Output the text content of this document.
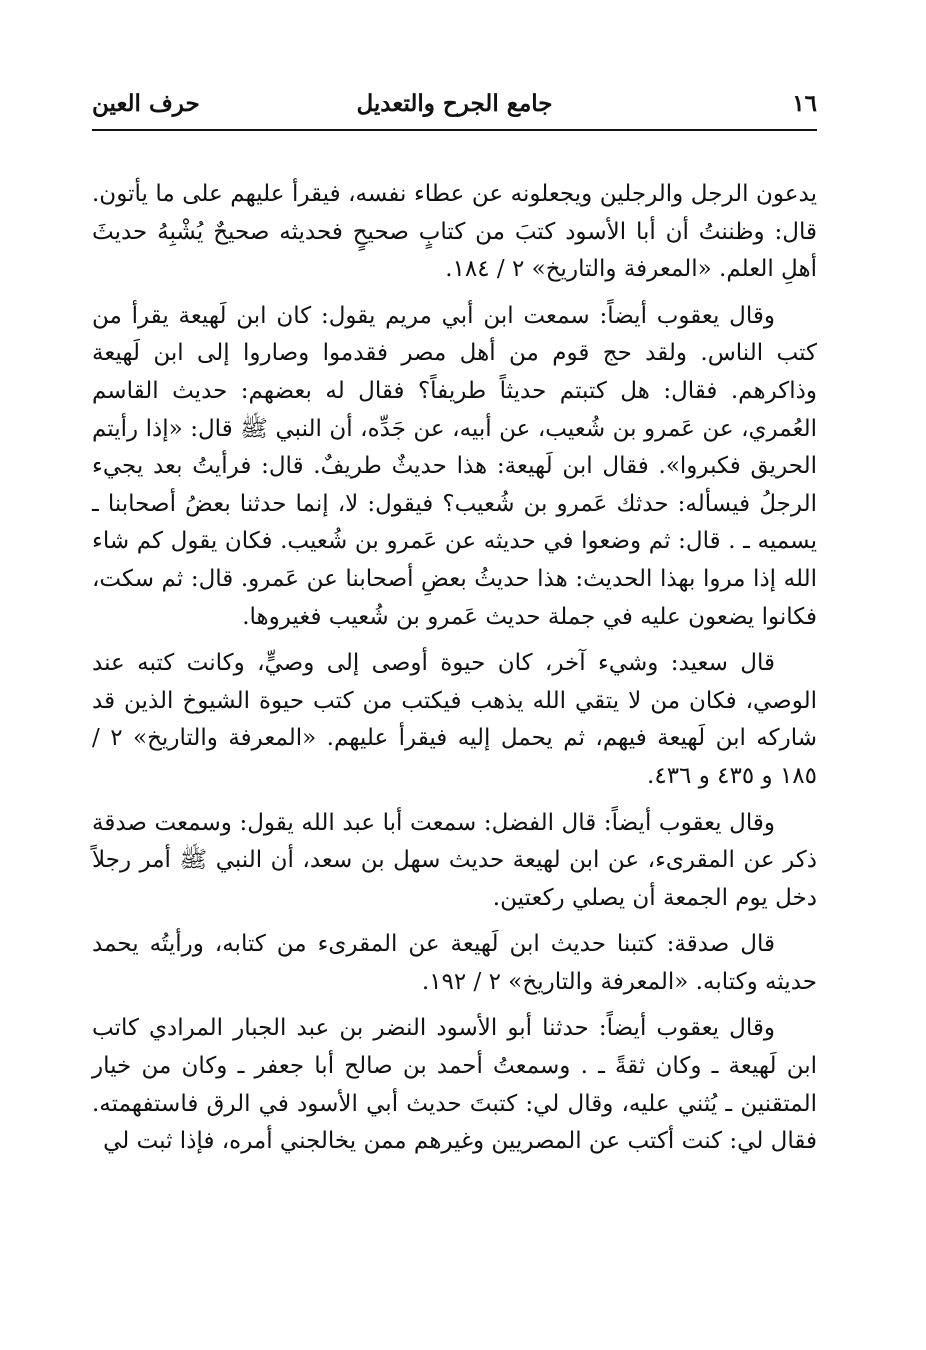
١٦
جامع الجرح والتعديل
حرف العين

يدعون الرجل والرجلين ويجعلونه عن عطاء نفسه، فيقرأ عليهم على ما يأتون. قال: وظننتُ أن أبا الأسود كتبَ من كتابٍ صحيحٍ فحديثه صحيحٌ يُشْبِهُ حديثَ أهلِ العلم. «المعرفة والتاريخ» ٢ / ١٨٤.

وقال يعقوب أيضاً: سمعت ابن أبي مريم يقول: كان ابن لَهيعة يقرأ من كتب الناس. ولقد حج قوم من أهل مصر فقدموا وصاروا إلى ابن لَهيعة وذاكرهم. فقال: هل كتبتم حديثاً طريفاً؟ فقال له بعضهم: حديث القاسم العُمري، عن عَمرو بن شُعيب، عن أبيه، عن جَدِّه، أن النبي ﷺ قال: «إذا رأيتم الحريق فكبروا». فقال ابن لَهيعة: هذا حديثٌ طريفٌ. قال: فرأيتُ بعد يجيء الرجلُ فيسأله: حدثك عَمرو بن شُعيب؟ فيقول: لا، إنما حدثنا بعضُ أصحابنا ـ يسميه ـ . قال: ثم وضعوا في حديثه عن عَمرو بن شُعيب. فكان يقول كم شاء الله إذا مروا بهذا الحديث: هذا حديثُ بعضِ أصحابنا عن عَمرو. قال: ثم سكت، فكانوا يضعون عليه في جملة حديث عَمرو بن شُعيب فغيروها.

قال سعيد: وشيء آخر، كان حيوة أوصى إلى وصيٍّ، وكانت كتبه عند الوصي، فكان من لا يتقي الله يذهب فيكتب من كتب حيوة الشيوخ الذين قد شاركه ابن لَهيعة فيهم، ثم يحمل إليه فيقرأ عليهم. «المعرفة والتاريخ» ٢ / ١٨٥ و ٤٣٥ و ٤٣٦.

وقال يعقوب أيضاً: قال الفضل: سمعت أبا عبد الله يقول: وسمعت صدقة ذكر عن المقرىء، عن ابن لهيعة حديث سهل بن سعد، أن النبي ﷺ أمر رجلاً دخل يوم الجمعة أن يصلي ركعتين.

قال صدقة: كتبنا حديث ابن لَهيعة عن المقرىء من كتابه، ورأيتُه يحمد حديثه وكتابه. «المعرفة والتاريخ» ٢ / ١٩٢.

وقال يعقوب أيضاً: حدثنا أبو الأسود النضر بن عبد الجبار المرادي كاتب ابن لَهيعة ـ وكان ثقةً ـ . وسمعتُ أحمد بن صالح أبا جعفر ـ وكان من خيار المتقنين ـ يُثني عليه، وقال لي: كتبتَ حديث أبي الأسود في الرق فاستفهمته. فقال لي: كنت أكتب عن المصريين وغيرهم ممن يخالجني أمره، فإذا ثبت لي
